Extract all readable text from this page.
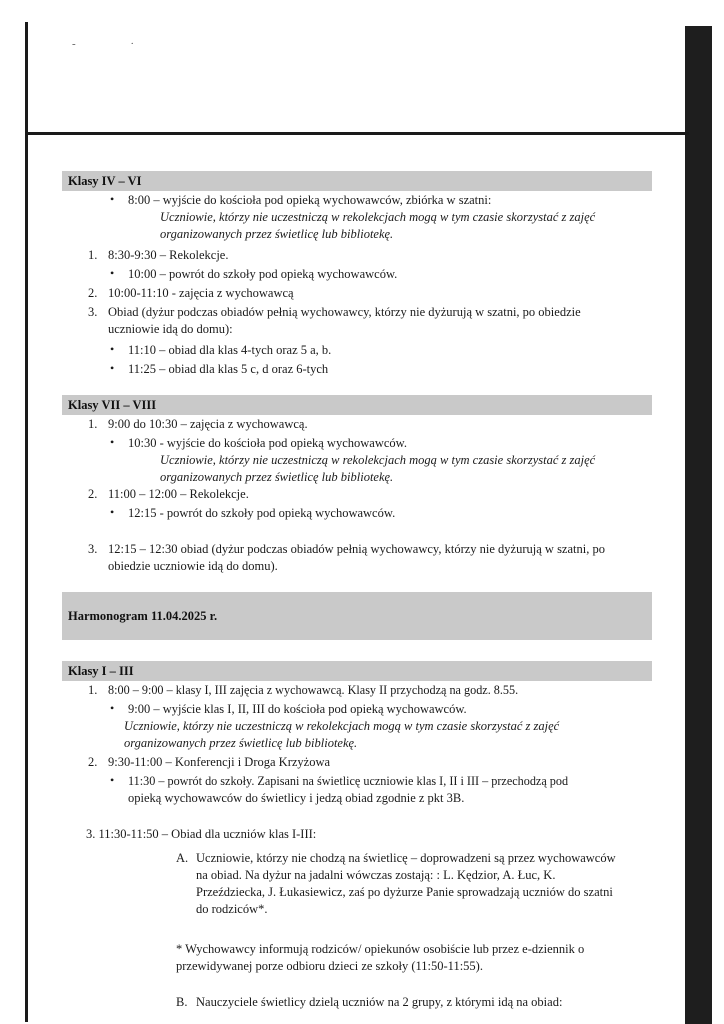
- ·
Klasy IV – VI
• 8:00 – wyjście do kościoła pod opieką wychowawców, zbiórka w szatni:
Uczniowie, którzy nie uczestniczą w rekolekcjach mogą w tym czasie skorzystać z zajęć
organizowanych przez świetlicę lub bibliotekę.
1. 8:30-9:30 – Rekolekcje.
• 10:00 – powrót do szkoły pod opieką wychowawców.
2. 10:00-11:10 - zajęcia z wychowawcą
3. Obiad (dyżur podczas obiadów pełnią wychowawcy, którzy nie dyżurują w szatni, po obiedzie
uczniowie idą do domu):
• 11:10 – obiad dla klas 4-tych oraz 5 a, b.
• 11:25 – obiad dla klas 5 c, d oraz 6-tych
Klasy VII – VIII
1. 9:00 do 10:30 – zajęcia z wychowawcą.
• 10:30 - wyjście do kościoła pod opieką wychowawców.
Uczniowie, którzy nie uczestniczą w rekolekcjach mogą w tym czasie skorzystać z zajęć
organizowanych przez świetlicę lub bibliotekę.
2. 11:00 – 12:00 – Rekolekcje.
• 12:15 - powrót do szkoły pod opieką wychowawców.
3. 12:15 – 12:30 obiad (dyżur podczas obiadów pełnią wychowawcy, którzy nie dyżurują w szatni, po
obiedzie uczniowie idą do domu).
Harmonogram 11.04.2025 r.
Klasy I – III
1. 8:00 – 9:00 – klasy I, III zajęcia z wychowawcą. Klasy II przychodzą na godz. 8.55.
• 9:00 – wyjście klas I, II, III do kościoła pod opieką wychowawców.
Uczniowie, którzy nie uczestniczą w rekolekcjach mogą w tym czasie skorzystać z zajęć
organizowanych przez świetlicę lub bibliotekę.
2. 9:30-11:00 – Konferencji i Droga Krzyżowa
• 11:30 – powrót do szkoły. Zapisani na świetlicę uczniowie klas I, II i III – przechodzą pod
opieką wychowawców do świetlicy i jedzą obiad zgodnie z pkt 3B.
3. 11:30-11:50 – Obiad dla uczniów klas I-III:
A. Uczniowie, którzy nie chodzą na świetlicę – doprowadzeni są przez wychowawców
na obiad. Na dyżur na jadalni wówczas zostają: : L. Kędzior, A. Łuc, K.
Przeździecka, J. Łukasiewicz, zaś po dyżurze Panie sprowadzają uczniów do szatni
do rodziców*.
* Wychowawcy informują rodziców/ opiekunów osobiście lub przez e-dziennik o
przewidywanej porze odbioru dzieci ze szkoły (11:50-11:55).
B. Nauczyciele świetlicy dzielą uczniów na 2 grupy, z którymi idą na obiad:
